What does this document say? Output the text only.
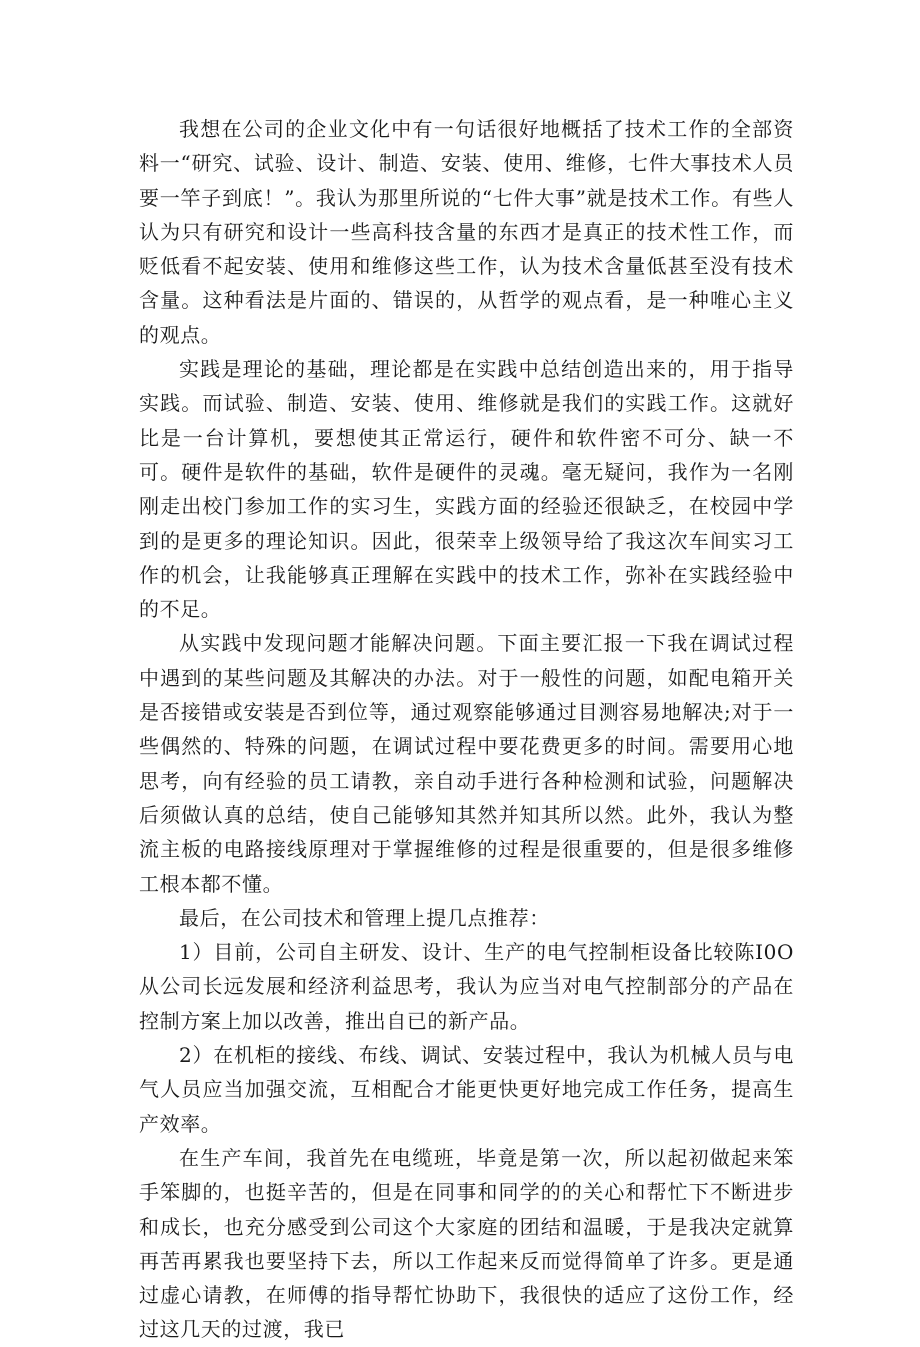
我想在公司的企业文化中有一句话很好地概括了技术工作的全部资料一“研究、试验、设计、制造、安装、使用、维修，七件大事技术人员要一竿子到底！”。我认为那里所说的“七件大事”就是技术工作。有些人认为只有研究和设计一些高科技含量的东西才是真正的技术性工作，而贬低看不起安装、使用和维修这些工作，认为技术含量低甚至没有技术含量。这种看法是片面的、错误的，从哲学的观点看，是一种唯心主义的观点。

实践是理论的基础，理论都是在实践中总结创造出来的，用于指导实践。而试验、制造、安装、使用、维修就是我们的实践工作。这就好比是一台计算机，要想使其正常运行，硬件和软件密不可分、缺一不可。硬件是软件的基础，软件是硬件的灵魂。毫无疑问，我作为一名刚刚走出校门参加工作的实习生，实践方面的经验还很缺乏，在校园中学到的是更多的理论知识。因此，很荣幸上级领导给了我这次车间实习工作的机会，让我能够真正理解在实践中的技术工作，弥补在实践经验中的不足。

从实践中发现问题才能解决问题。下面主要汇报一下我在调试过程中遇到的某些问题及其解决的办法。对于一般性的问题，如配电箱开关是否接错或安装是否到位等，通过观察能够通过目测容易地解决;对于一些偶然的、特殊的问题，在调试过程中要花费更多的时间。需要用心地思考，向有经验的员工请教，亲自动手进行各种检测和试验，问题解决后须做认真的总结，使自己能够知其然并知其所以然。此外，我认为整流主板的电路接线原理对于掌握维修的过程是很重要的，但是很多维修工根本都不懂。

最后，在公司技术和管理上提几点推荐：

1）目前，公司自主研发、设计、生产的电气控制柜设备比较陈I0O从公司长远发展和经济利益思考，我认为应当对电气控制部分的产品在控制方案上加以改善，推出自已的新产品。

2）在机柜的接线、布线、调试、安装过程中，我认为机械人员与电气人员应当加强交流，互相配合才能更快更好地完成工作任务，提高生产效率。

在生产车间，我首先在电缆班，毕竟是第一次，所以起初做起来笨手笨脚的，也挺辛苦的，但是在同事和同学的的关心和帮忙下不断进步和成长，也充分感受到公司这个大家庭的团结和温暖，于是我决定就算再苦再累我也要坚持下去，所以工作起来反而觉得简单了许多。更是通过虚心请教，在师傅的指导帮忙协助下，我很快的适应了这份工作，经过这几天的过渡，我已
